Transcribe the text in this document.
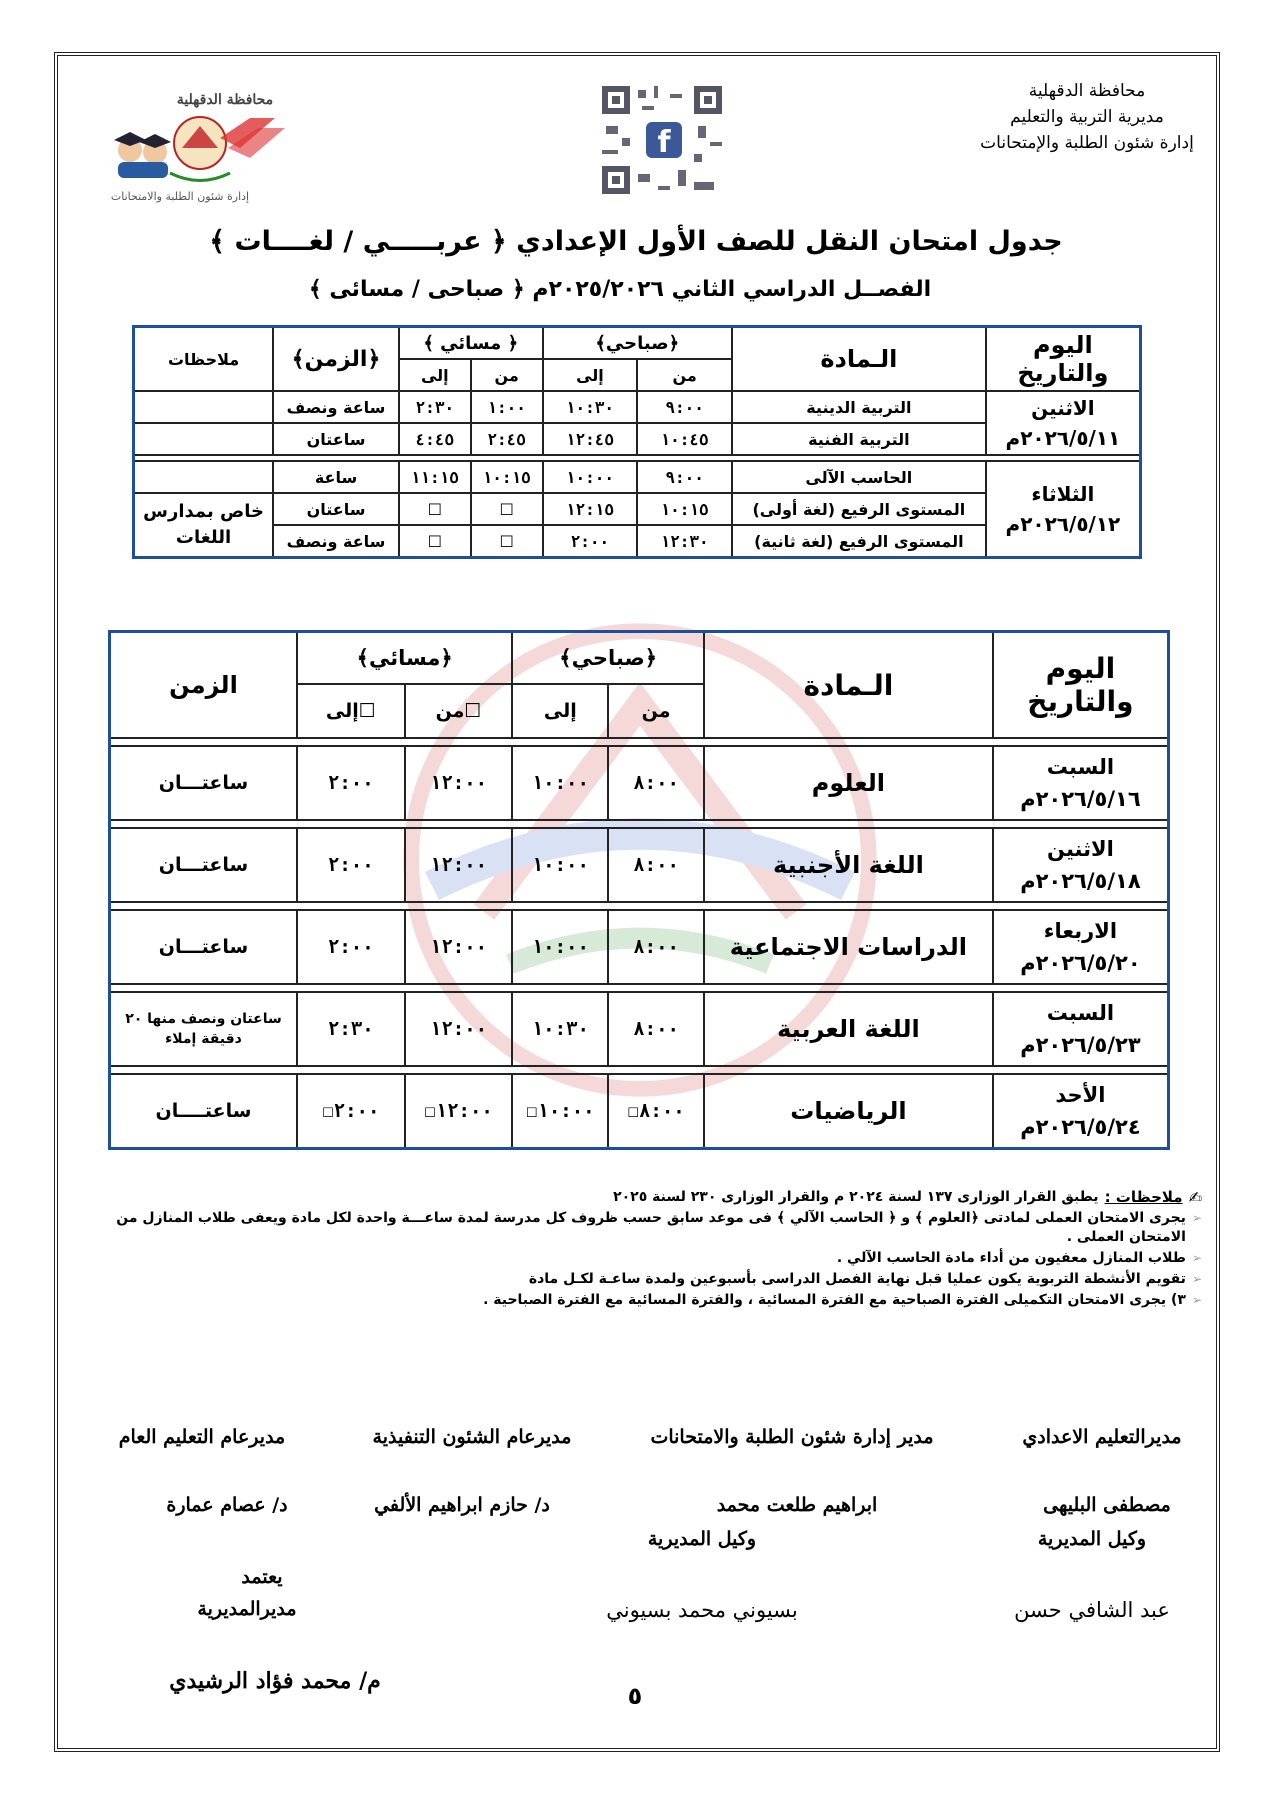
محافظة الدقهلية
مديرية التربية والتعليم
إدارة شئون الطلبة والإمتحانات
f
محافظة الدقهلية
إدارة شئون الطلبة والامتحانات
جدول امتحان النقل للصف الأول الإعدادي ﴿ عربـــــي / لغــــات ﴾
الفصــل الدراسي الثاني ٢٠٢٥/٢٠٢٦م ﴿ صباحى / مسائى ﴾
اليوم والتاريخ	الـمادة	﴿صباحي﴾		﴿ مسائي ﴾		﴿الزمن﴾	ملاحظات
		من	إلى	من	إلى		

الاثنين
٢٠٢٦/٥/١١م	التربية الدينية	٩:٠٠	١٠:٣٠	١:٠٠	٢:٣٠	ساعة ونصف	
	التربية الفنية	١٠:٤٥	١٢:٤٥	٢:٤٥	٤:٤٥	ساعتان	

الثلاثاء
٢٠٢٦/٥/١٢م	الحاسب الآلى	٩:٠٠	١٠:٠٠	١٠:١٥	١١:١٥	ساعة	
	المستوى الرفيع (لغة أولى)	١٠:١٥	١٢:١٥	☐	☐	ساعتان	خاص بمدارس اللغات
	المستوى الرفيع (لغة ثانية)	١٢:٣٠	٢:٠٠	☐	☐	ساعة ونصف	
اليوم والتاريخ	الـمادة	﴿صباحي﴾		﴿مسائي﴾		الزمن
		من	إلى	☐من	☐إلى	

السبت
٢٠٢٦/٥/١٦م	العلوم	٨:٠٠	١٠:٠٠	١٢:٠٠	٢:٠٠	ساعتـــان

الاثنين
٢٠٢٦/٥/١٨م	اللغة الأجنبية	٨:٠٠	١٠:٠٠	١٢:٠٠	٢:٠٠	ساعتـــان

الاربعاء
٢٠٢٦/٥/٢٠م	الدراسات الاجتماعية	٨:٠٠	١٠:٠٠	١٢:٠٠	٢:٠٠	ساعتـــان

السبت
٢٠٢٦/٥/٢٣م	اللغة العربية	٨:٠٠	١٠:٣٠	١٢:٠٠	٢:٣٠	ساعتان ونصف منها ٢٠ دقيقة إملاء

الأحد
٢٠٢٦/٥/٢٤م	الرياضيات	٨:٠٠☐	١٠:٠٠☐	١٢:٠٠☐	٢:٠٠☐	ساعتــــان
✍
ملاحظات :
يطبق القرار الوزارى ١٣٧ لسنة ٢٠٢٤ م والقرار الوزارى ٢٣٠ لسنة ٢٠٢٥
➢
يجرى الامتحان العملى لمادتى ﴿العلوم ﴾ و ﴿ الحاسب الآلي ﴾ فى موعد سابق حسب ظروف كل مدرسة لمدة ساعـــة واحدة لكل مادة ويعفى طلاب المنازل من الامتحان العملى .
➢
طلاب المنازل معفيون من أداء مادة الحاسب الآلي .
➢
تقويم الأنشطة التربوية يكون عمليا قبل نهاية الفصل الدراسى بأسبوعين ولمدة ساعـة لكـل مادة
➢
٣) يجرى الامتحان التكميلى الفترة الصباحية مع الفترة المسائية ، والفترة المسائية مع الفترة الصباحية .
مديرالتعليم الاعدادي
مدير إدارة شئون الطلبة والامتحانات
مديرعام الشئون التنفيذية
مديرعام التعليم العام
مصطفى البليهى
ابراهيم طلعت محمد
د/ حازم ابراهيم الألفي
د/ عصام عمارة
وكيل المديرية
وكيل المديرية
يعتمد
مديرالمديرية	عبد الشافي حسن
بسيوني محمد بسيوني
م/ محمد فؤاد الرشيدي
٥
